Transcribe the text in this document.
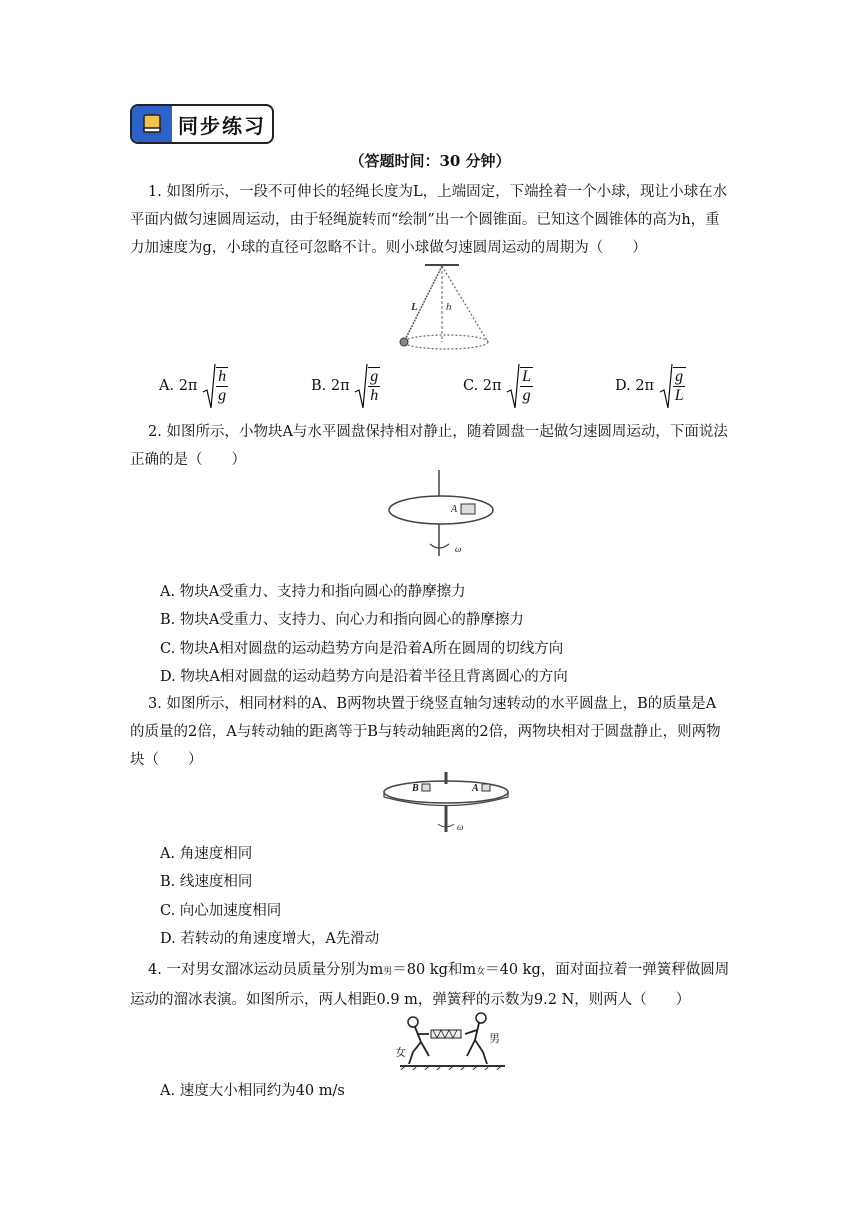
同步练习
（答题时间：30 分钟）
1. 如图所示，一段不可伸长的轻绳长度为L，上端固定，下端拴着一个小球，现让小球在水平面内做匀速圆周运动，由于轻绳旋转而“绘制”出一个圆锥面。已知这个圆锥体的高为h，重力加速度为g，小球的直径可忽略不计。则小球做匀速圆周运动的周期为（　　）
L	h
A. $2\pi \frac{h}{g}$	B. $2\pi \frac{g}{h}$	C. $2\pi \frac{L}{g}$	D. $2\pi \frac{g}{L}$
2. 如图所示，小物块A与水平圆盘保持相对静止，随着圆盘一起做匀速圆周运动，下面说法正确的是（　　）
A
ω
A. 物块A受重力、支持力和指向圆心的静摩擦力
B. 物块A受重力、支持力、向心力和指向圆心的静摩擦力
C. 物块A相对圆盘的运动趋势方向是沿着A所在圆周的切线方向
D. 物块A相对圆盘的运动趋势方向是沿着半径且背离圆心的方向
3. 如图所示，相同材料的A、B两物块置于绕竖直轴匀速转动的水平圆盘上，B的质量是A的质量的2倍，A与转动轴的距离等于B与转动轴距离的2倍，两物块相对于圆盘静止，则两物块（　　）
B	A
ω
A. 角速度相同
B. 线速度相同
C. 向心加速度相同
D. 若转动的角速度增大，A先滑动
4. 一对男女溜冰运动员质量分别为m男＝80 kg和m女＝40 kg，面对面拉着一弹簧秤做圆周运动的溜冰表演。如图所示，两人相距0.9 m，弹簧秤的示数为9.2 N，则两人（　　）
女
男
A. 速度大小相同约为40 m/s
